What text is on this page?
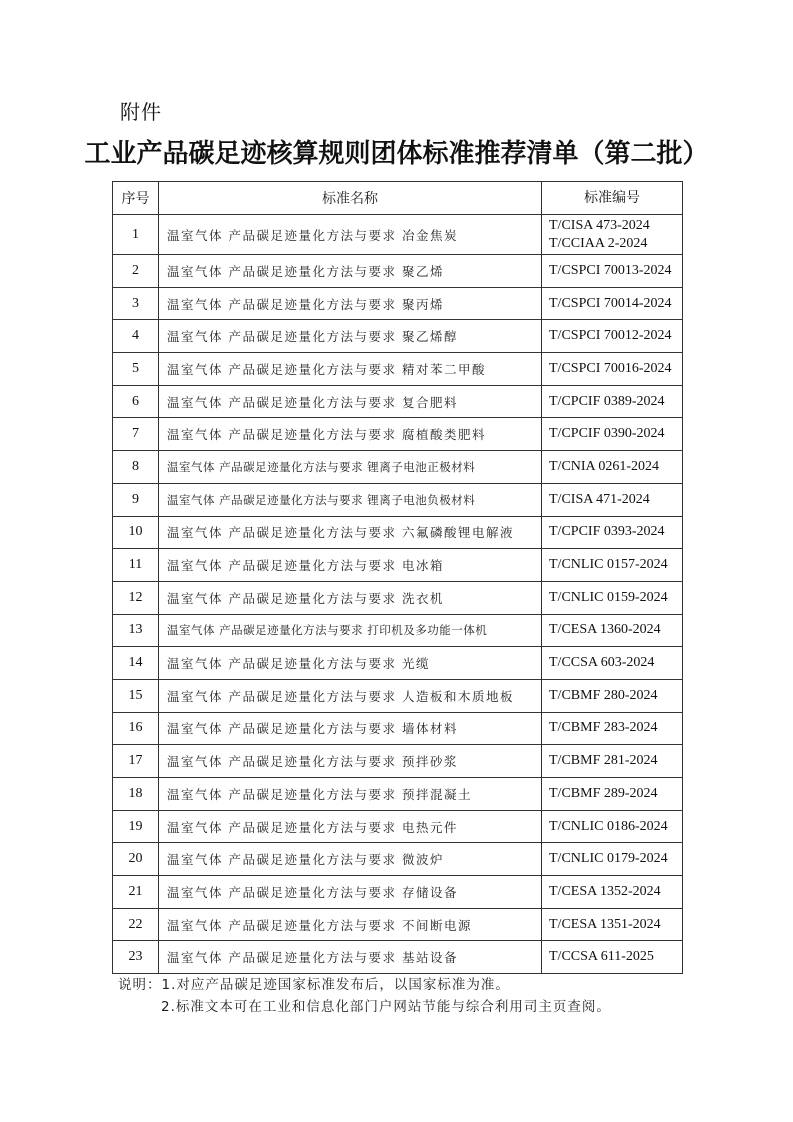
附件
工业产品碳足迹核算规则团体标准推荐清单（第二批）
序号	标准名称	标准编号
1	温室气体 产品碳足迹量化方法与要求 冶金焦炭	T/CISA 473-2024
T/CCIAA 2-2024
2	温室气体 产品碳足迹量化方法与要求 聚乙烯	T/CSPCI 70013-2024
3	温室气体 产品碳足迹量化方法与要求 聚丙烯	T/CSPCI 70014-2024
4	温室气体 产品碳足迹量化方法与要求 聚乙烯醇	T/CSPCI 70012-2024
5	温室气体 产品碳足迹量化方法与要求 精对苯二甲酸	T/CSPCI 70016-2024
6	温室气体 产品碳足迹量化方法与要求 复合肥料	T/CPCIF 0389-2024
7	温室气体 产品碳足迹量化方法与要求 腐植酸类肥料	T/CPCIF 0390-2024
8	温室气体 产品碳足迹量化方法与要求 锂离子电池正极材料	T/CNIA 0261-2024
9	温室气体 产品碳足迹量化方法与要求 锂离子电池负极材料	T/CISA 471-2024
10	温室气体 产品碳足迹量化方法与要求 六氟磷酸锂电解液	T/CPCIF 0393-2024
11	温室气体 产品碳足迹量化方法与要求 电冰箱	T/CNLIC 0157-2024
12	温室气体 产品碳足迹量化方法与要求 洗衣机	T/CNLIC 0159-2024
13	温室气体 产品碳足迹量化方法与要求 打印机及多功能一体机	T/CESA 1360-2024
14	温室气体 产品碳足迹量化方法与要求 光缆	T/CCSA 603-2024
15	温室气体 产品碳足迹量化方法与要求 人造板和木质地板	T/CBMF 280-2024
16	温室气体 产品碳足迹量化方法与要求 墙体材料	T/CBMF 283-2024
17	温室气体 产品碳足迹量化方法与要求 预拌砂浆	T/CBMF 281-2024
18	温室气体 产品碳足迹量化方法与要求 预拌混凝土	T/CBMF 289-2024
19	温室气体 产品碳足迹量化方法与要求 电热元件	T/CNLIC 0186-2024
20	温室气体 产品碳足迹量化方法与要求 微波炉	T/CNLIC 0179-2024
21	温室气体 产品碳足迹量化方法与要求 存储设备	T/CESA 1352-2024
22	温室气体 产品碳足迹量化方法与要求 不间断电源	T/CESA 1351-2024
23	温室气体 产品碳足迹量化方法与要求 基站设备	T/CCSA 611-2025
说明：1.对应产品碳足迹国家标准发布后，以国家标准为准。
2.标准文本可在工业和信息化部门户网站节能与综合利用司主页查阅。
